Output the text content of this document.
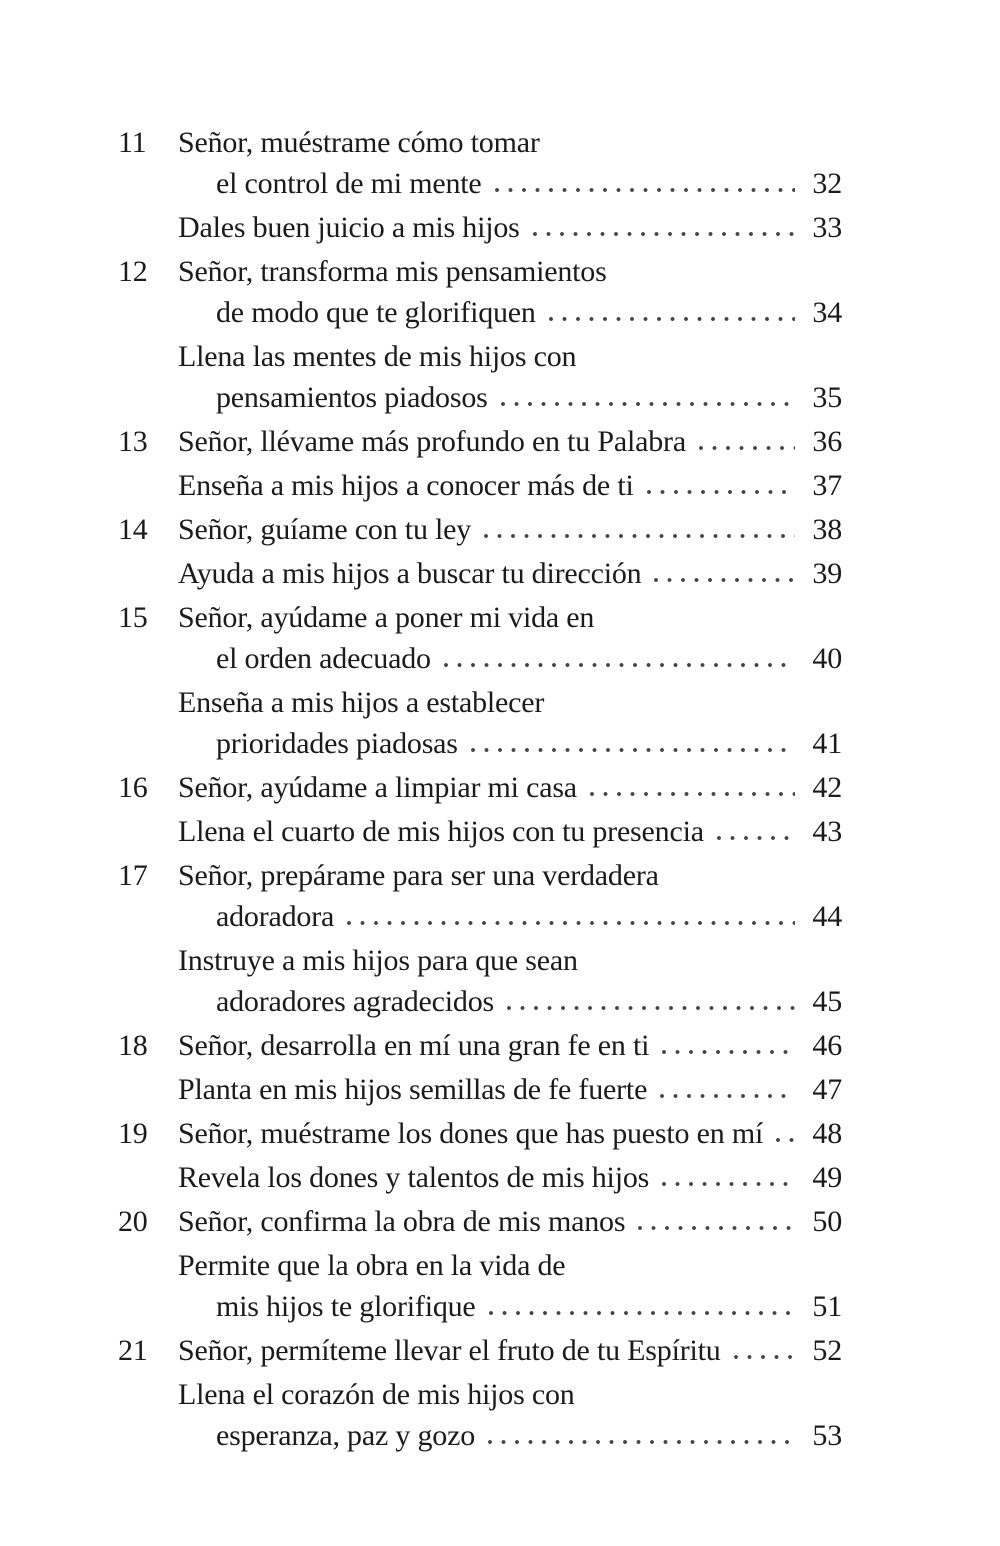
11	Señor, muéstrame cómo tomar
el control de mi mente	32
Dales buen juicio a mis hijos	33
12	Señor, transforma mis pensamientos
de modo que te glorifiquen	34
Llena las mentes de mis hijos con
pensamientos piadosos	35
13	Señor, llévame más profundo en tu Palabra	36
Enseña a mis hijos a conocer más de ti	37
14	Señor, guíame con tu ley	38
Ayuda a mis hijos a buscar tu dirección	39
15	Señor, ayúdame a poner mi vida en
el orden adecuado	40
Enseña a mis hijos a establecer
prioridades piadosas	41
16	Señor, ayúdame a limpiar mi casa	42
Llena el cuarto de mis hijos con tu presencia	43
17	Señor, prepárame para ser una verdadera
adoradora	44
Instruye a mis hijos para que sean
adoradores agradecidos	45
18	Señor, desarrolla en mí una gran fe en ti	46
Planta en mis hijos semillas de fe fuerte	47
19	Señor, muéstrame los dones que has puesto en mí 48
Revela los dones y talentos de mis hijos	49
20	Señor, confirma la obra de mis manos	50
Permite que la obra en la vida de
mis hijos te glorifique	51
21	Señor, permíteme llevar el fruto de tu Espíritu	52
Llena el corazón de mis hijos con
esperanza, paz y gozo	53
